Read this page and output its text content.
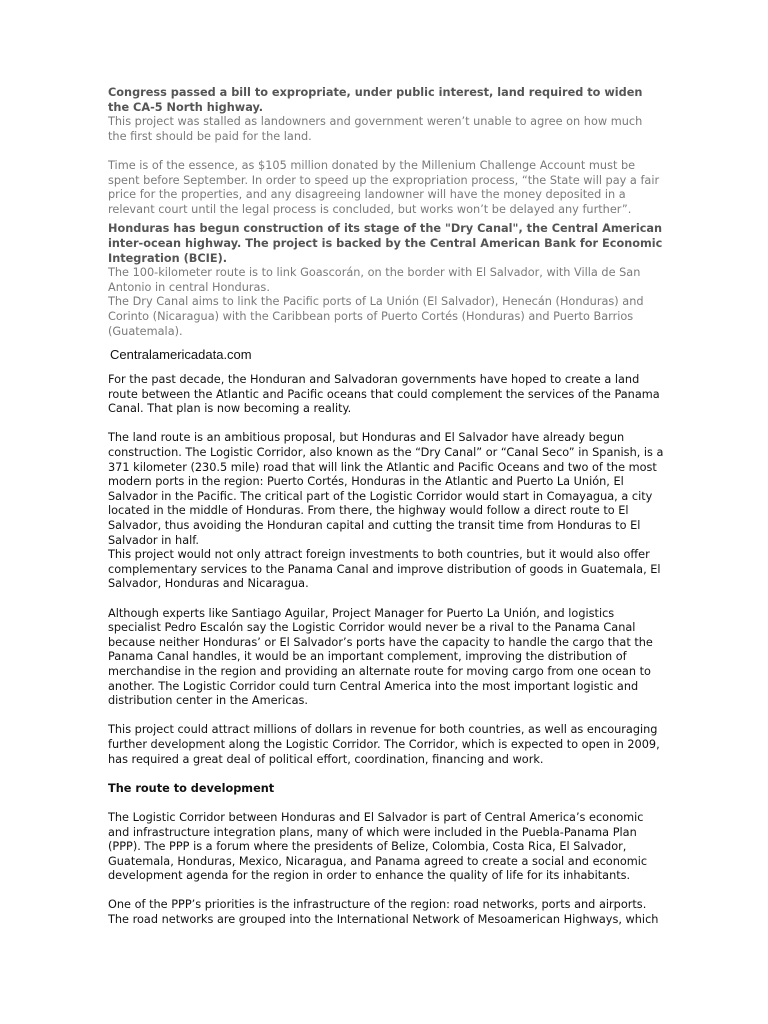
Congress passed a bill to expropriate, under public interest, land required to widen the CA-5 North highway.

This project was stalled as landowners and government weren’t unable to agree on how much the first should be paid for the land.

Time is of the essence, as $105 million donated by the Millenium Challenge Account must be spent before September. In order to speed up the expropriation process, “the State will pay a fair price for the properties, and any disagreeing landowner will have the money deposited in a relevant court until the legal process is concluded, but works won’t be delayed any further”.

Honduras has begun construction of its stage of the "Dry Canal", the Central American inter-ocean highway. The project is backed by the Central American Bank for Economic Integration (BCIE).

The 100-kilometer route is to link Goascorán, on the border with El Salvador, with Villa de San Antonio in central Honduras.

The Dry Canal aims to link the Pacific ports of La Unión (El Salvador), Henecán (Honduras) and Corinto (Nicaragua) with the Caribbean ports of Puerto Cortés (Honduras) and Puerto Barrios (Guatemala).

Centralamericadata.com

For the past decade, the Honduran and Salvadoran governments have hoped to create a land route between the Atlantic and Pacific oceans that could complement the services of the Panama Canal. That plan is now becoming a reality.

The land route is an ambitious proposal, but Honduras and El Salvador have already begun construction. The Logistic Corridor, also known as the “Dry Canal” or “Canal Seco” in Spanish, is a 371 kilometer (230.5 mile) road that will link the Atlantic and Pacific Oceans and two of the most modern ports in the region: Puerto Cortés, Honduras in the Atlantic and Puerto La Unión, El Salvador in the Pacific. The critical part of the Logistic Corridor would start in Comayagua, a city located in the middle of Honduras. From there, the highway would follow a direct route to El Salvador, thus avoiding the Honduran capital and cutting the transit time from Honduras to El Salvador in half.

This project would not only attract foreign investments to both countries, but it would also offer complementary services to the Panama Canal and improve distribution of goods in Guatemala, El Salvador, Honduras and Nicaragua.

Although experts like Santiago Aguilar, Project Manager for Puerto La Unión, and logistics specialist Pedro Escalón say the Logistic Corridor would never be a rival to the Panama Canal because neither Honduras’ or El Salvador’s ports have the capacity to handle the cargo that the Panama Canal handles, it would be an important complement, improving the distribution of merchandise in the region and providing an alternate route for moving cargo from one ocean to another. The Logistic Corridor could turn Central America into the most important logistic and distribution center in the Americas.

This project could attract millions of dollars in revenue for both countries, as well as encouraging further development along the Logistic Corridor. The Corridor, which is expected to open in 2009, has required a great deal of political effort, coordination, financing and work.

The route to development

The Logistic Corridor between Honduras and El Salvador is part of Central America’s economic and infrastructure integration plans, many of which were included in the Puebla-Panama Plan (PPP). The PPP is a forum where the presidents of Belize, Colombia, Costa Rica, El Salvador, Guatemala, Honduras, Mexico, Nicaragua, and Panama agreed to create a social and economic development agenda for the region in order to enhance the quality of life for its inhabitants.

One of the PPP’s priorities is the infrastructure of the region: road networks, ports and airports. The road networks are grouped into the International Network of Mesoamerican Highways, which
